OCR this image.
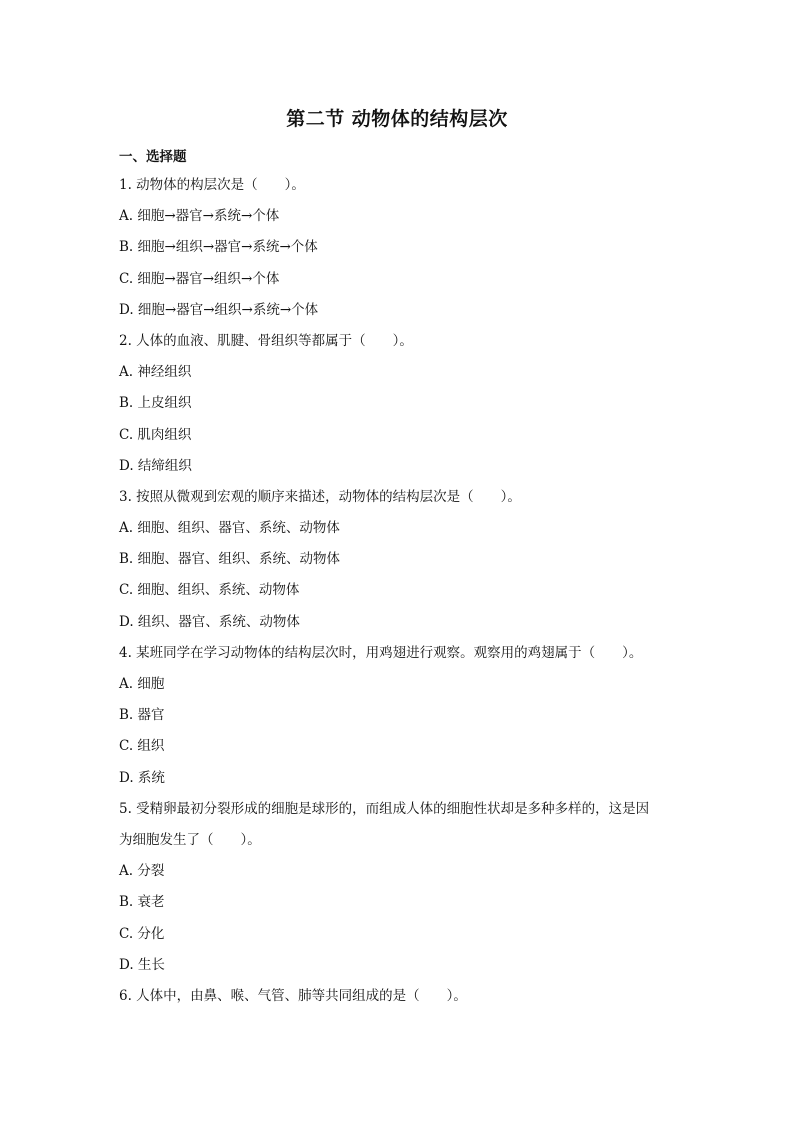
第二节 动物体的结构层次
一、选择题
1. 动物体的构层次是（　　）。
A. 细胞→器官→系统→个体
B. 细胞→组织→器官→系统→个体
C. 细胞→器官→组织→个体
D. 细胞→器官→组织→系统→个体
2. 人体的血液、肌腱、骨组织等都属于（　　）。
A. 神经组织
B. 上皮组织
C. 肌肉组织
D. 结缔组织
3. 按照从微观到宏观的顺序来描述，动物体的结构层次是（　　）。
A. 细胞、组织、器官、系统、动物体
B. 细胞、器官、组织、系统、动物体
C. 细胞、组织、系统、动物体
D. 组织、器官、系统、动物体
4. 某班同学在学习动物体的结构层次时，用鸡翅进行观察。观察用的鸡翅属于（　　）。
A. 细胞
B. 器官
C. 组织
D. 系统
5. 受精卵最初分裂形成的细胞是球形的，而组成人体的细胞性状却是多种多样的，这是因
为细胞发生了（　　）。
A. 分裂
B. 衰老
C. 分化
D. 生长
6. 人体中，由鼻、喉、气管、肺等共同组成的是（　　）。
